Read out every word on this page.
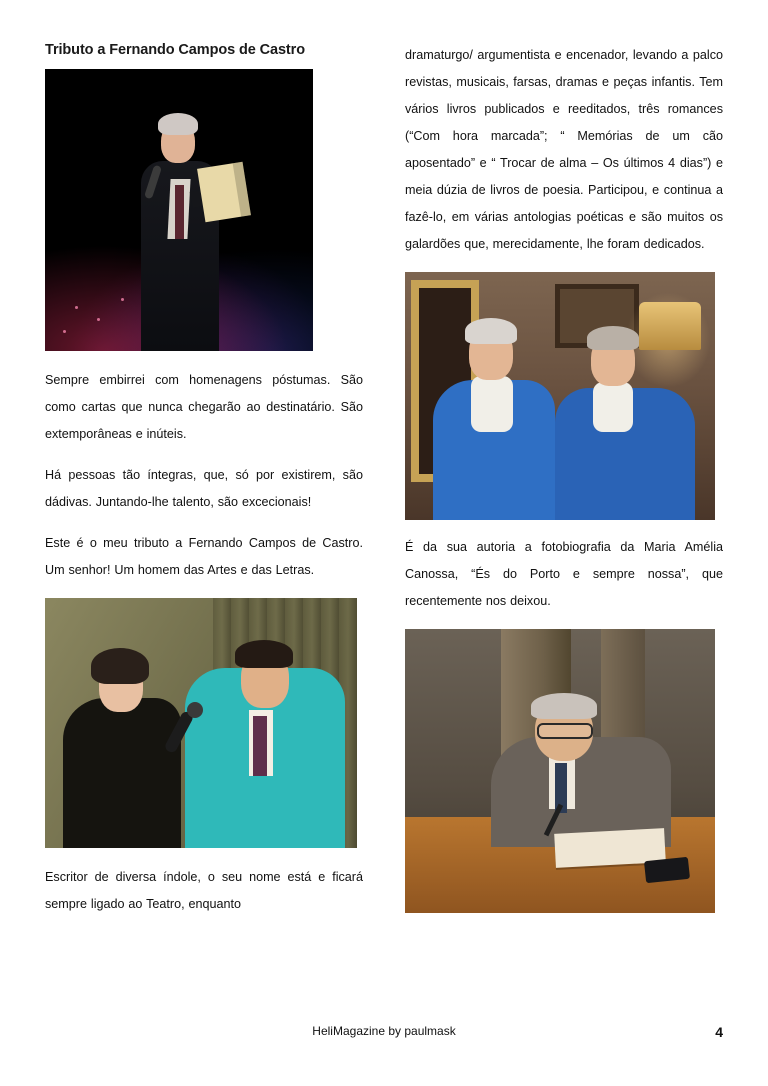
Tributo a Fernando Campos de Castro

Sempre embirrei com homenagens póstumas. São como cartas que nunca chegarão ao destinatário. São extemporâneas e inúteis.

Há pessoas tão íntegras, que, só por existirem, são dádivas. Juntando-lhe talento, são excecionais!

Este é o meu tributo a Fernando Campos de Castro. Um senhor! Um homem das Artes e das Letras.

Escritor de diversa índole, o seu nome está e ficará sempre ligado ao Teatro, enquanto

dramaturgo/ argumentista e encenador, levando a palco revistas, musicais, farsas, dramas e peças infantis. Tem vários livros publicados e reeditados, três romances (“Com hora marcada”; “ Memórias de um cão aposentado” e “ Trocar de alma – Os últimos 4 dias”) e meia dúzia de livros de poesia. Participou, e continua a fazê-lo, em várias antologias poéticas e são muitos os galardões que, merecidamente, lhe foram dedicados.

É da sua autoria a fotobiografia da Maria Amélia Canossa, “És do Porto e sempre nossa”, que recentemente nos deixou.

HeliMagazine by paulmask	4
